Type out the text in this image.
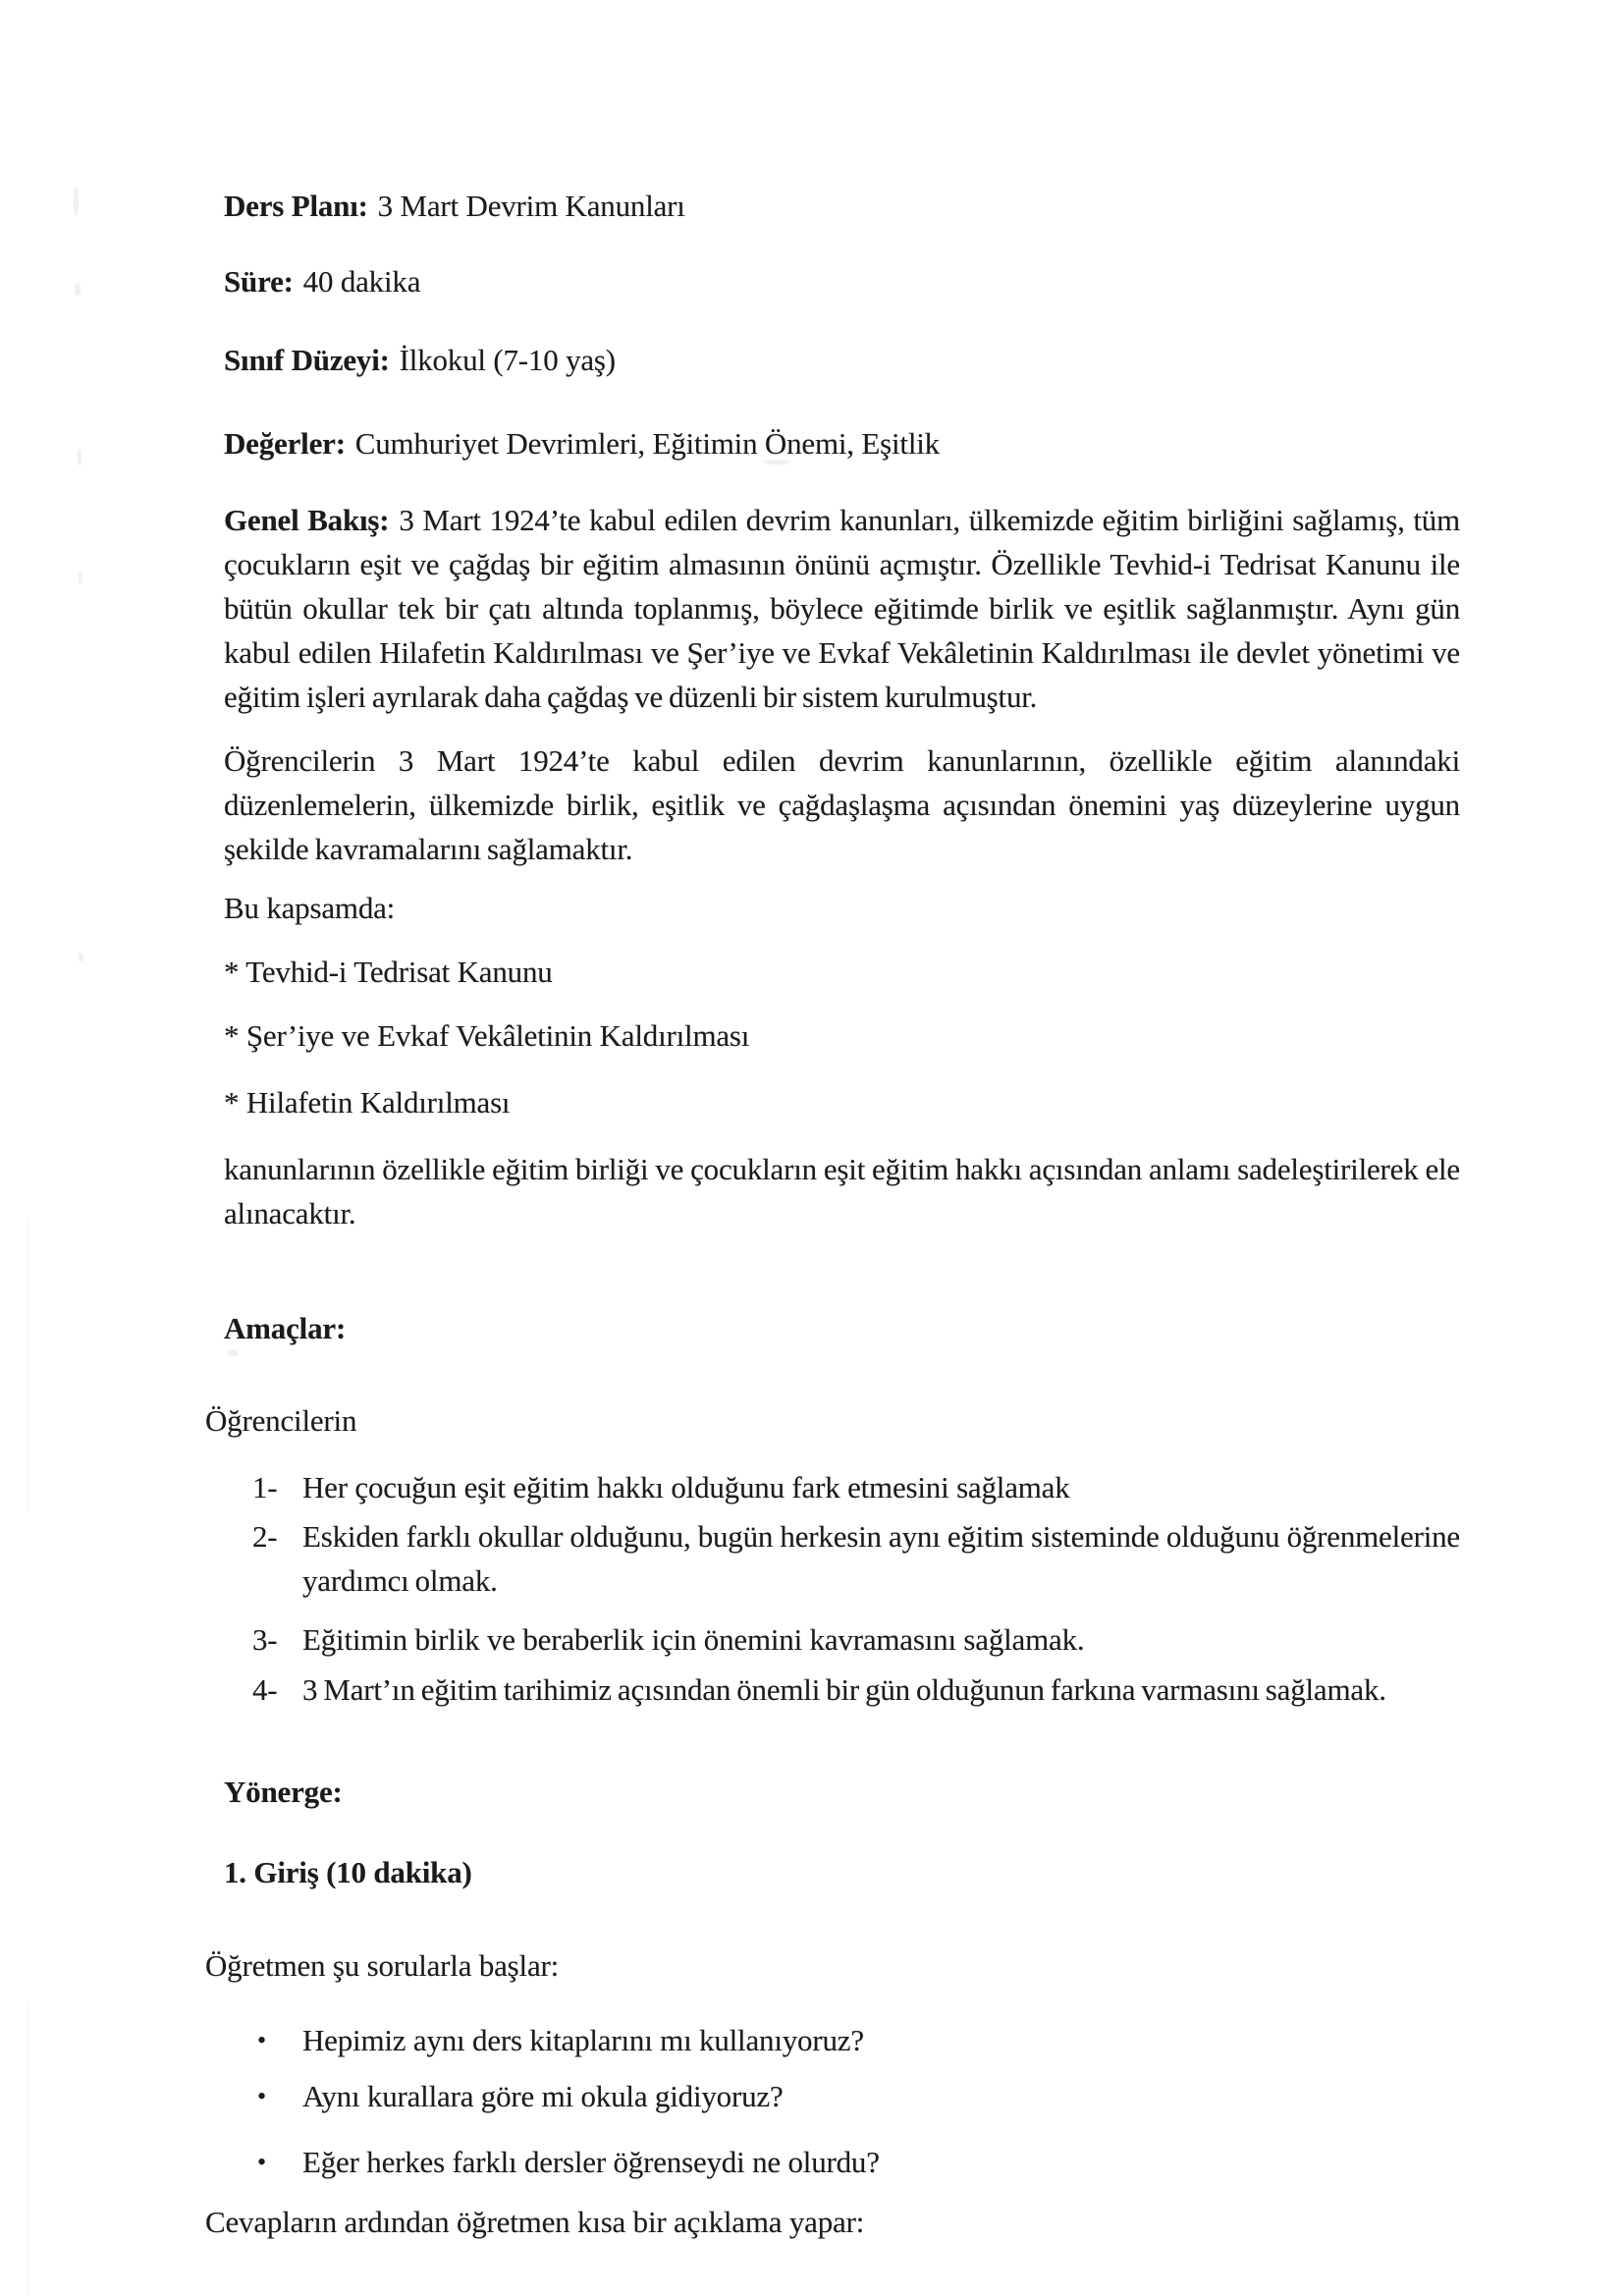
Ders Planı: 3 Mart Devrim Kanunları
Süre: 40 dakika
Sınıf Düzeyi: İlkokul (7-10 yaş)
Değerler: Cumhuriyet Devrimleri, Eğitimin Önemi, Eşitlik
Genel Bakış: 3 Mart 1924’te kabul edilen devrim kanunları, ülkemizde eğitim birliğini sağlamış, tüm çocukların eşit ve çağdaş bir eğitim almasının önünü açmıştır. Özellikle Tevhid-i Tedrisat Kanunu ile bütün okullar tek bir çatı altında toplanmış, böylece eğitimde birlik ve eşitlik sağlanmıştır. Aynı gün kabul edilen Hilafetin Kaldırılması ve Şer’iye ve Evkaf Vekâletinin Kaldırılması ile devlet yönetimi ve eğitim işleri ayrılarak daha çağdaş ve düzenli bir sistem kurulmuştur.
Öğrencilerin 3 Mart 1924’te kabul edilen devrim kanunlarının, özellikle eğitim alanındaki düzenlemelerin, ülkemizde birlik, eşitlik ve çağdaşlaşma açısından önemini yaş düzeylerine uygun şekilde kavramalarını sağlamaktır.
Bu kapsamda:
* Tevhid-i Tedrisat Kanunu
* Şer’iye ve Evkaf Vekâletinin Kaldırılması
* Hilafetin Kaldırılması
kanunlarının özellikle eğitim birliği ve çocukların eşit eğitim hakkı açısından anlamı sadeleştirilerek ele alınacaktır.
Amaçlar:
Öğrencilerin
1- Her çocuğun eşit eğitim hakkı olduğunu fark etmesini sağlamak
2- Eskiden farklı okullar olduğunu, bugün herkesin aynı eğitim sisteminde olduğunu öğrenmelerine yardımcı olmak.
3- Eğitimin birlik ve beraberlik için önemini kavramasını sağlamak.
4- 3 Mart’ın eğitim tarihimiz açısından önemli bir gün olduğunun farkına varmasını sağlamak.
Yönerge:
1. Giriş (10 dakika)
Öğretmen şu sorularla başlar:
• Hepimiz aynı ders kitaplarını mı kullanıyoruz?
• Aynı kurallara göre mi okula gidiyoruz?
• Eğer herkes farklı dersler öğrenseydi ne olurdu?
Cevapların ardından öğretmen kısa bir açıklama yapar:
